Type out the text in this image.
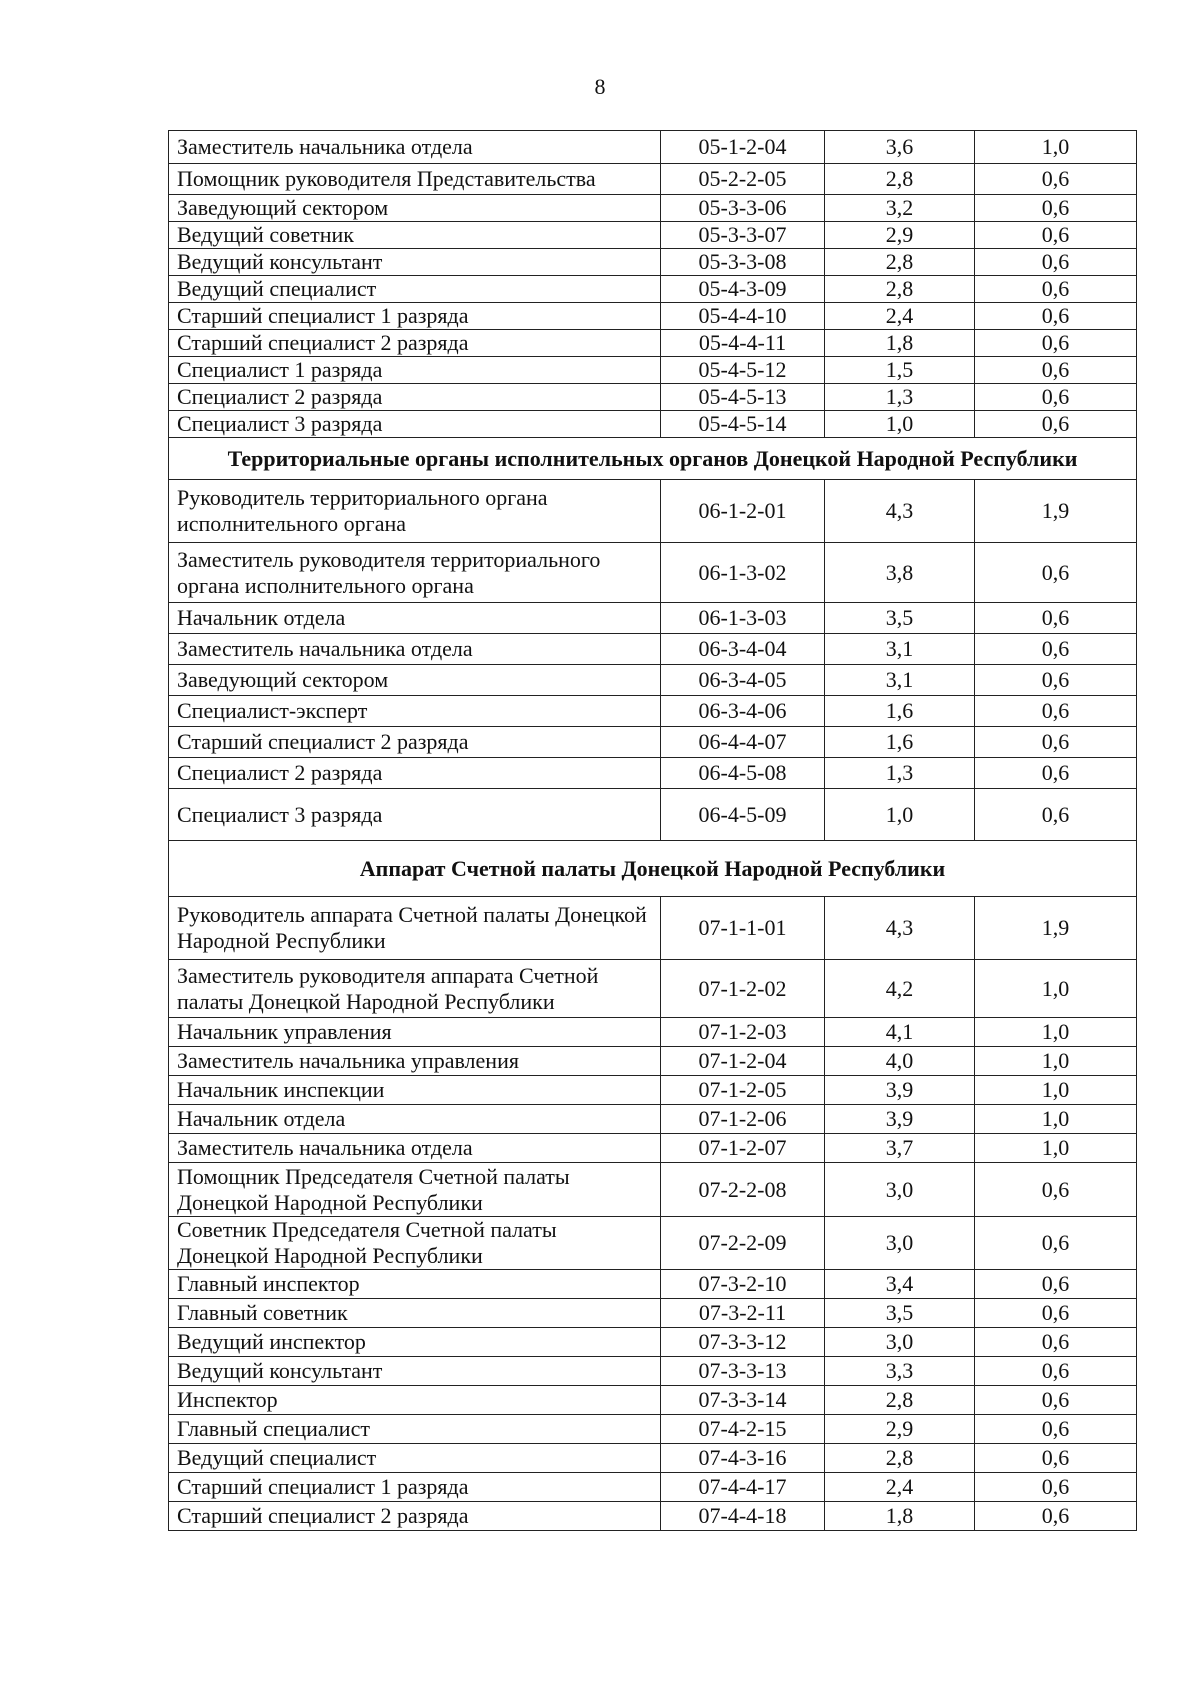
8
Заместитель начальника отдела	05-1-2-04	3,6	1,0
Помощник руководителя Представительства	05-2-2-05	2,8	0,6
Заведующий сектором	05-3-3-06	3,2	0,6
Ведущий советник	05-3-3-07	2,9	0,6
Ведущий консультант	05-3-3-08	2,8	0,6
Ведущий специалист	05-4-3-09	2,8	0,6
Старший специалист 1 разряда	05-4-4-10	2,4	0,6
Старший специалист 2 разряда	05-4-4-11	1,8	0,6
Специалист 1 разряда	05-4-5-12	1,5	0,6
Специалист 2 разряда	05-4-5-13	1,3	0,6
Специалист 3 разряда	05-4-5-14	1,0	0,6
Территориальные органы исполнительных органов Донецкой Народной Республики			
Руководитель территориального органа исполнительного органа	06-1-2-01	4,3	1,9
Заместитель руководителя территориального органа исполнительного органа	06-1-3-02	3,8	0,6
Начальник отдела	06-1-3-03	3,5	0,6
Заместитель начальника отдела	06-3-4-04	3,1	0,6
Заведующий сектором	06-3-4-05	3,1	0,6
Специалист-эксперт	06-3-4-06	1,6	0,6
Старший специалист 2 разряда	06-4-4-07	1,6	0,6
Специалист 2 разряда	06-4-5-08	1,3	0,6
Специалист 3 разряда	06-4-5-09	1,0	0,6
Аппарат Счетной палаты Донецкой Народной Республики			
Руководитель аппарата Счетной палаты Донецкой Народной Республики	07-1-1-01	4,3	1,9
Заместитель руководителя аппарата Счетной палаты Донецкой Народной Республики	07-1-2-02	4,2	1,0
Начальник управления	07-1-2-03	4,1	1,0
Заместитель начальника управления	07-1-2-04	4,0	1,0
Начальник инспекции	07-1-2-05	3,9	1,0
Начальник отдела	07-1-2-06	3,9	1,0
Заместитель начальника отдела	07-1-2-07	3,7	1,0
Помощник Председателя Счетной палаты Донецкой Народной Республики	07-2-2-08	3,0	0,6
Советник Председателя Счетной палаты Донецкой Народной Республики	07-2-2-09	3,0	0,6
Главный инспектор	07-3-2-10	3,4	0,6
Главный советник	07-3-2-11	3,5	0,6
Ведущий инспектор	07-3-3-12	3,0	0,6
Ведущий консультант	07-3-3-13	3,3	0,6
Инспектор	07-3-3-14	2,8	0,6
Главный специалист	07-4-2-15	2,9	0,6
Ведущий специалист	07-4-3-16	2,8	0,6
Старший специалист 1 разряда	07-4-4-17	2,4	0,6
Старший специалист 2 разряда	07-4-4-18	1,8	0,6
